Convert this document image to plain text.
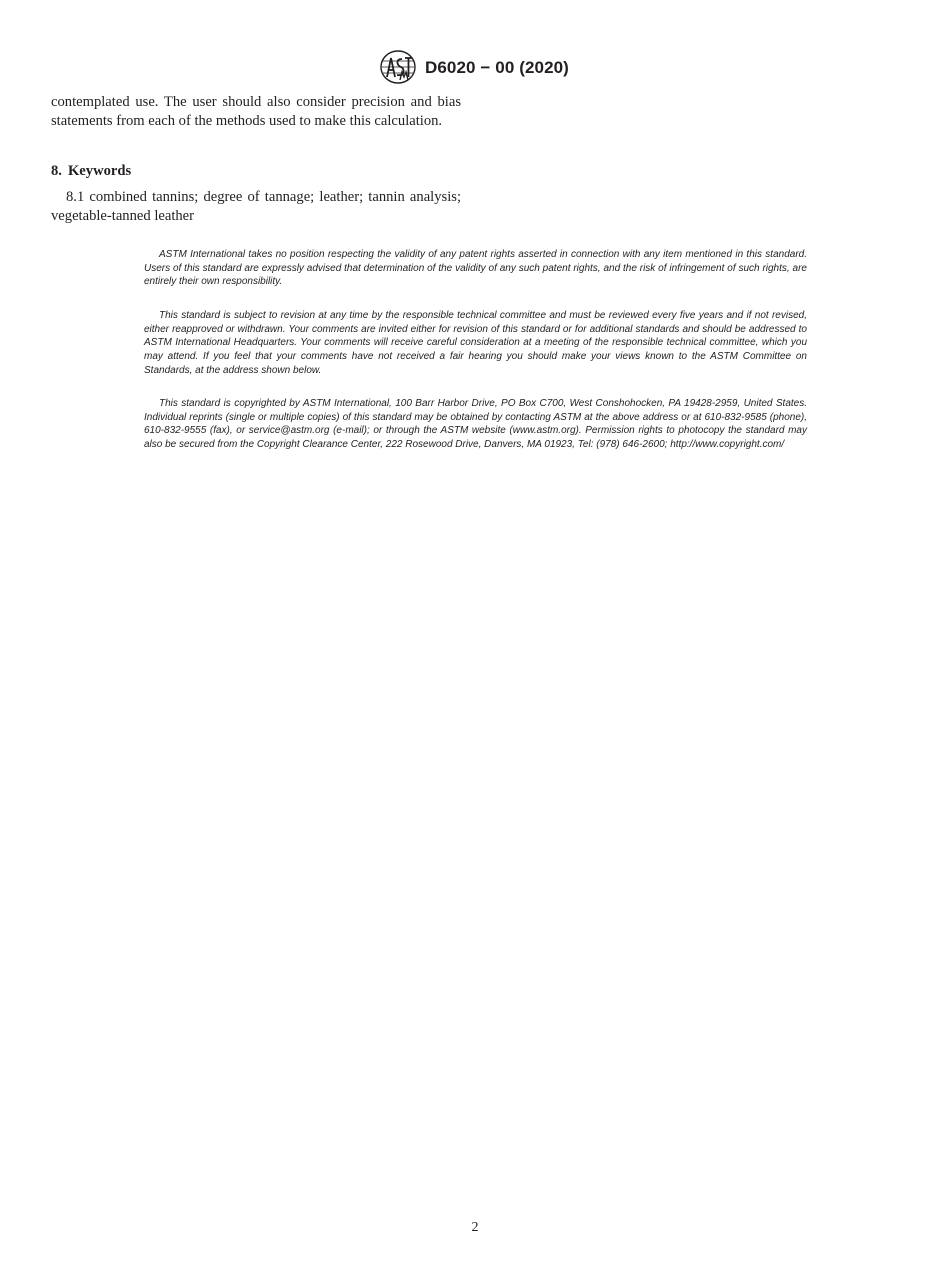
D6020 − 00 (2020)

contemplated use. The user should also consider precision and bias statements from each of the methods used to make this calculation.

8. Keywords

8.1 combined tannins; degree of tannage; leather; tannin analysis; vegetable-tanned leather

ASTM International takes no position respecting the validity of any patent rights asserted in connection with any item mentioned in this standard. Users of this standard are expressly advised that determination of the validity of any such patent rights, and the risk of infringement of such rights, are entirely their own responsibility.

This standard is subject to revision at any time by the responsible technical committee and must be reviewed every five years and if not revised, either reapproved or withdrawn. Your comments are invited either for revision of this standard or for additional standards and should be addressed to ASTM International Headquarters. Your comments will receive careful consideration at a meeting of the responsible technical committee, which you may attend. If you feel that your comments have not received a fair hearing you should make your views known to the ASTM Committee on Standards, at the address shown below.

This standard is copyrighted by ASTM International, 100 Barr Harbor Drive, PO Box C700, West Conshohocken, PA 19428-2959, United States. Individual reprints (single or multiple copies) of this standard may be obtained by contacting ASTM at the above address or at 610-832-9585 (phone), 610-832-9555 (fax), or service@astm.org (e-mail); or through the ASTM website (www.astm.org). Permission rights to photocopy the standard may also be secured from the Copyright Clearance Center, 222 Rosewood Drive, Danvers, MA 01923, Tel: (978) 646-2600; http://www.copyright.com/

2
